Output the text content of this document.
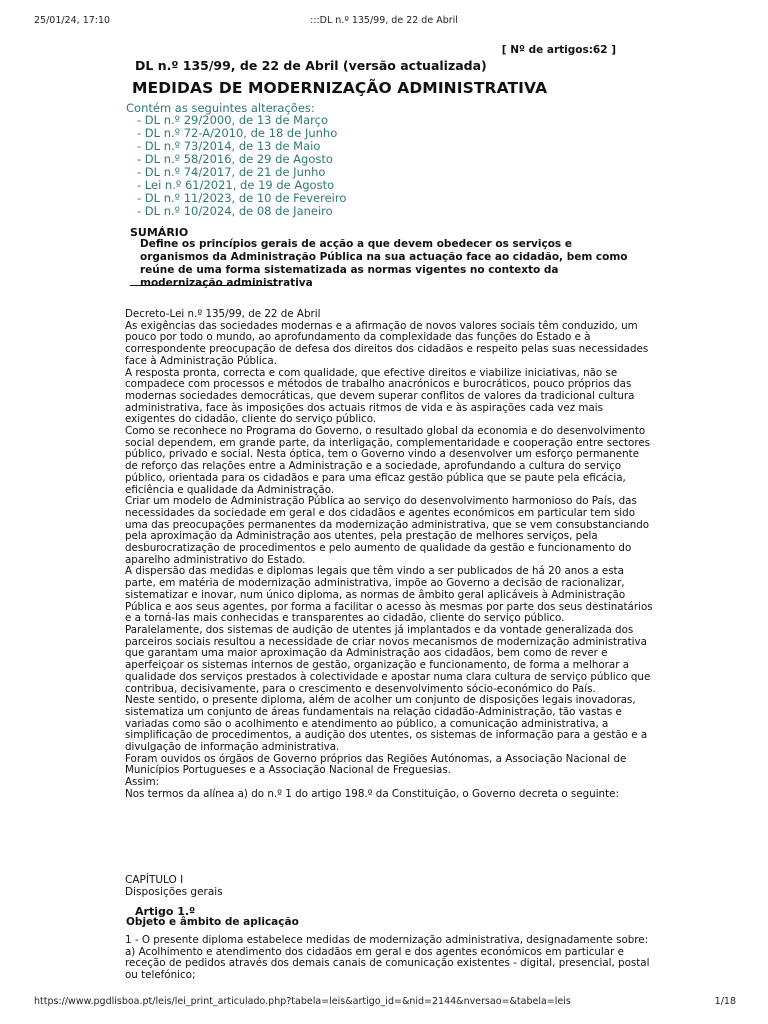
25/01/24, 17:10	:::DL n.º 135/99, de 22 de Abril
[ Nº de artigos:62 ]
DL n.º 135/99, de 22 de Abril (versão actualizada)
MEDIDAS DE MODERNIZAÇÃO ADMINISTRATIVA
Contém as seguintes alterações:
- DL n.º 29/2000, de 13 de Março
- DL n.º 72-A/2010, de 18 de Junho
- DL n.º 73/2014, de 13 de Maio
- DL n.º 58/2016, de 29 de Agosto
- DL n.º 74/2017, de 21 de Junho
- Lei n.º 61/2021, de 19 de Agosto
- DL n.º 11/2023, de 10 de Fevereiro
- DL n.º 10/2024, de 08 de Janeiro
SUMÁRIO
Define os princípios gerais de acção a que devem obedecer os serviços e organismos da Administração Pública na sua actuação face ao cidadão, bem como reúne de uma forma sistematizada as normas vigentes no contexto da modernização administrativa

Decreto-Lei n.º 135/99, de 22 de Abril

As exigências das sociedades modernas e a afirmação de novos valores sociais têm conduzido, um pouco por todo o mundo, ao aprofundamento da complexidade das funções do Estado e à correspondente preocupação de defesa dos direitos dos cidadãos e respeito pelas suas necessidades face à Administração Pública.

A resposta pronta, correcta e com qualidade, que efective direitos e viabilize iniciativas, não se compadece com processos e métodos de trabalho anacrónicos e burocráticos, pouco próprios das modernas sociedades democráticas, que devem superar conflitos de valores da tradicional cultura administrativa, face às imposições dos actuais ritmos de vida e às aspirações cada vez mais exigentes do cidadão, cliente do serviço público.

Como se reconhece no Programa do Governo, o resultado global da economia e do desenvolvimento social dependem, em grande parte, da interligação, complementaridade e cooperação entre sectores público, privado e social. Nesta óptica, tem o Governo vindo a desenvolver um esforço permanente de reforço das relações entre a Administração e a sociedade, aprofundando a cultura do serviço público, orientada para os cidadãos e para uma eficaz gestão pública que se paute pela eficácia, eficiência e qualidade da Administração.

Criar um modelo de Administração Pública ao serviço do desenvolvimento harmonioso do País, das necessidades da sociedade em geral e dos cidadãos e agentes económicos em particular tem sido uma das preocupações permanentes da modernização administrativa, que se vem consubstanciando pela aproximação da Administração aos utentes, pela prestação de melhores serviços, pela desburocratização de procedimentos e pelo aumento de qualidade da gestão e funcionamento do aparelho administrativo do Estado.

A dispersão das medidas e diplomas legais que têm vindo a ser publicados de há 20 anos a esta parte, em matéria de modernização administrativa, impõe ao Governo a decisão de racionalizar, sistematizar e inovar, num único diploma, as normas de âmbito geral aplicáveis à Administração Pública e aos seus agentes, por forma a facilitar o acesso às mesmas por parte dos seus destinatários e a torná-las mais conhecidas e transparentes ao cidadão, cliente do serviço público.

Paralelamente, dos sistemas de audição de utentes já implantados e da vontade generalizada dos parceiros sociais resultou a necessidade de criar novos mecanismos de modernização administrativa que garantam uma maior aproximação da Administração aos cidadãos, bem como de rever e aperfeiçoar os sistemas internos de gestão, organização e funcionamento, de forma a melhorar a qualidade dos serviços prestados à colectividade e apostar numa clara cultura de serviço público que contribua, decisivamente, para o crescimento e desenvolvimento sócio-económico do País.

Neste sentido, o presente diploma, além de acolher um conjunto de disposições legais inovadoras, sistematiza um conjunto de áreas fundamentais na relação cidadão-Administração, tão vastas e variadas como são o acolhimento e atendimento ao público, a comunicação administrativa, a simplificação de procedimentos, a audição dos utentes, os sistemas de informação para a gestão e a divulgação de informação administrativa.

Foram ouvidos os órgãos de Governo próprios das Regiões Autónomas, a Associação Nacional de Municípios Portugueses e a Associação Nacional de Freguesias.

Assim:

Nos termos da alínea a) do n.º 1 do artigo 198.º da Constituição, o Governo decreta o seguinte:

CAPÍTULO I
Disposições gerais
Artigo 1.º
Objeto e âmbito de aplicação

1 - O presente diploma estabelece medidas de modernização administrativa, designadamente sobre:

a) Acolhimento e atendimento dos cidadãos em geral e dos agentes económicos em particular e receção de pedidos através dos demais canais de comunicação existentes - digital, presencial, postal ou telefónico;

https://www.pgdlisboa.pt/leis/lei_print_articulado.php?tabela=leis&artigo_id=&nid=2144&nversao=&tabela=leis	1/18
